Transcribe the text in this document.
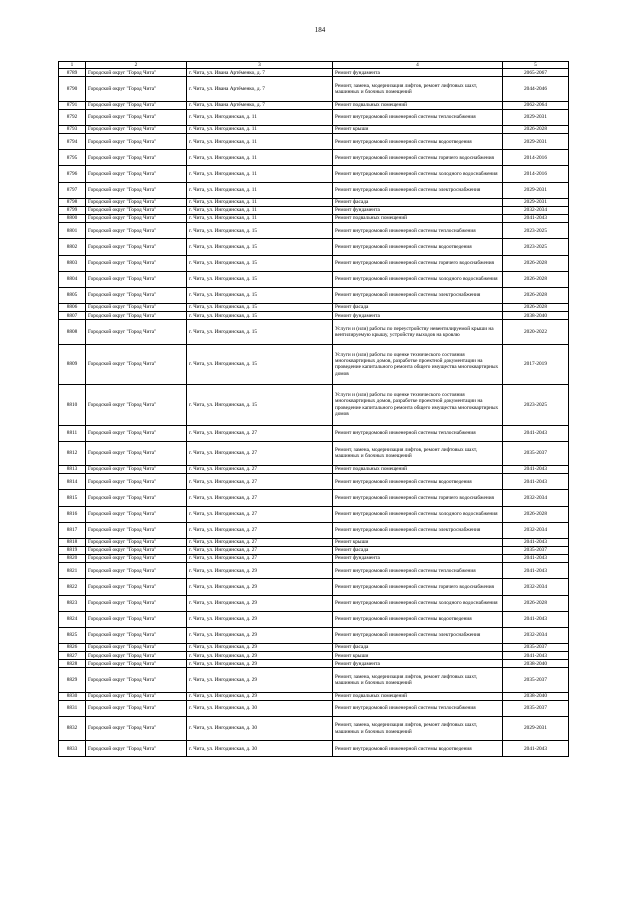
184
1	2	3	4	5
8789	Городской округ "Город Чита"	г. Чита, ул. Ивана Артёменко, д. 7	Ремонт фундамента	2065-2067
8790	Городской округ "Город Чита"	г. Чита, ул. Ивана Артёменко, д. 7	Ремонт, замена, модернизация лифтов, ремонт лифтовых шахт, машинных и блочных помещений	2044-2046
8791	Городской округ "Город Чита"	г. Чита, ул. Ивана Артёменко, д. 7	Ремонт подвальных помещений	2062-2064
8792	Городской округ "Город Чита"	г. Чита, ул. Ингодинская, д. 11	Ремонт внутридомовой инженерной системы теплоснабжения	2029-2031
8793	Городской округ "Город Чита"	г. Чита, ул. Ингодинская, д. 11	Ремонт крыши	2026-2028
8794	Городской округ "Город Чита"	г. Чита, ул. Ингодинская, д. 11	Ремонт внутридомовой инженерной системы водоотведения	2029-2031
8795	Городской округ "Город Чита"	г. Чита, ул. Ингодинская, д. 11	Ремонт внутридомовой инженерной системы горячего водоснабжения	2014-2016
8796	Городской округ "Город Чита"	г. Чита, ул. Ингодинская, д. 11	Ремонт внутридомовой инженерной системы холодного водоснабжения	2014-2016
8797	Городской округ "Город Чита"	г. Чита, ул. Ингодинская, д. 11	Ремонт внутридомовой инженерной системы электроснабжения	2029-2031
8798	Городской округ "Город Чита"	г. Чита, ул. Ингодинская, д. 11	Ремонт фасада	2029-2031
8799	Городской округ "Город Чита"	г. Чита, ул. Ингодинская, д. 11	Ремонт фундамента	2032-2034
8800	Городской округ "Город Чита"	г. Чита, ул. Ингодинская, д. 11	Ремонт подвальных помещений	2041-2043
8801	Городской округ "Город Чита"	г. Чита, ул. Ингодинская, д. 15	Ремонт внутридомовой инженерной системы теплоснабжения	2023-2025
8802	Городской округ "Город Чита"	г. Чита, ул. Ингодинская, д. 15	Ремонт внутридомовой инженерной системы водоотведения	2023-2025
8803	Городской округ "Город Чита"	г. Чита, ул. Ингодинская, д. 15	Ремонт внутридомовой инженерной системы горячего водоснабжения	2026-2028
8804	Городской округ "Город Чита"	г. Чита, ул. Ингодинская, д. 15	Ремонт внутридомовой инженерной системы холодного водоснабжения	2026-2028
8805	Городской округ "Город Чита"	г. Чита, ул. Ингодинская, д. 15	Ремонт внутридомовой инженерной системы электроснабжения	2026-2028
8806	Городской округ "Город Чита"	г. Чита, ул. Ингодинская, д. 15	Ремонт фасада	2026-2028
8807	Городской округ "Город Чита"	г. Чита, ул. Ингодинская, д. 15	Ремонт фундамента	2038-2040
8808	Городской округ "Город Чита"	г. Чита, ул. Ингодинская, д. 15	Услуги и (или) работы по переустройству невентилируемой крыши на вентилируемую крышу, устройству выходов на кровлю	2020-2022
8809	Городской округ "Город Чита"	г. Чита, ул. Ингодинская, д. 15	Услуги и (или) работы по оценке технического состояния многоквартирных домов, разработке проектной документации на проведение капитального ремонта общего имущества многоквартирных домов	2017-2019
8810	Городской округ "Город Чита"	г. Чита, ул. Ингодинская, д. 15	Услуги и (или) работы по оценке технического состояния многоквартирных домов, разработке проектной документации на проведение капитального ремонта общего имущества многоквартирных домов	2023-2025
8811	Городской округ "Город Чита"	г. Чита, ул. Ингодинская, д. 27	Ремонт внутридомовой инженерной системы теплоснабжения	2041-2043
8812	Городской округ "Город Чита"	г. Чита, ул. Ингодинская, д. 27	Ремонт, замена, модернизация лифтов, ремонт лифтовых шахт, машинных и блочных помещений	2035-2037
8813	Городской округ "Город Чита"	г. Чита, ул. Ингодинская, д. 27	Ремонт подвальных помещений	2041-2043
8814	Городской округ "Город Чита"	г. Чита, ул. Ингодинская, д. 27	Ремонт внутридомовой инженерной системы водоотведения	2041-2043
8815	Городской округ "Город Чита"	г. Чита, ул. Ингодинская, д. 27	Ремонт внутридомовой инженерной системы горячего водоснабжения	2032-2034
8816	Городской округ "Город Чита"	г. Чита, ул. Ингодинская, д. 27	Ремонт внутридомовой инженерной системы холодного водоснабжения	2026-2028
8817	Городской округ "Город Чита"	г. Чита, ул. Ингодинская, д. 27	Ремонт внутридомовой инженерной системы электроснабжения	2032-2034
8818	Городской округ "Город Чита"	г. Чита, ул. Ингодинская, д. 27	Ремонт крыши	2041-2043
8819	Городской округ "Город Чита"	г. Чита, ул. Ингодинская, д. 27	Ремонт фасада	2035-2037
8820	Городской округ "Город Чита"	г. Чита, ул. Ингодинская, д. 27	Ремонт фундамента	2041-2043
8821	Городской округ "Город Чита"	г. Чита, ул. Ингодинская, д. 29	Ремонт внутридомовой инженерной системы теплоснабжения	2041-2043
8822	Городской округ "Город Чита"	г. Чита, ул. Ингодинская, д. 29	Ремонт внутридомовой инженерной системы горячего водоснабжения	2032-2034
8823	Городской округ "Город Чита"	г. Чита, ул. Ингодинская, д. 29	Ремонт внутридомовой инженерной системы холодного водоснабжения	2026-2028
8824	Городской округ "Город Чита"	г. Чита, ул. Ингодинская, д. 29	Ремонт внутридомовой инженерной системы водоотведения	2041-2043
8825	Городской округ "Город Чита"	г. Чита, ул. Ингодинская, д. 29	Ремонт внутридомовой инженерной системы электроснабжения	2032-2034
8826	Городской округ "Город Чита"	г. Чита, ул. Ингодинская, д. 29	Ремонт фасада	2035-2037
8827	Городской округ "Город Чита"	г. Чита, ул. Ингодинская, д. 29	Ремонт крыши	2041-2043
8828	Городской округ "Город Чита"	г. Чита, ул. Ингодинская, д. 29	Ремонт фундамента	2038-2040
8829	Городской округ "Город Чита"	г. Чита, ул. Ингодинская, д. 29	Ремонт, замена, модернизация лифтов, ремонт лифтовых шахт, машинных и блочных помещений	2035-2037
8830	Городской округ "Город Чита"	г. Чита, ул. Ингодинская, д. 29	Ремонт подвальных помещений	2038-2040
8831	Городской округ "Город Чита"	г. Чита, ул. Ингодинская, д. 30	Ремонт внутридомовой инженерной системы теплоснабжения	2035-2037
8832	Городской округ "Город Чита"	г. Чита, ул. Ингодинская, д. 30	Ремонт, замена, модернизация лифтов, ремонт лифтовых шахт, машинных и блочных помещений	2029-2031
8833	Городской округ "Город Чита"	г. Чита, ул. Ингодинская, д. 30	Ремонт внутридомовой инженерной системы водоотведения	2041-2043
